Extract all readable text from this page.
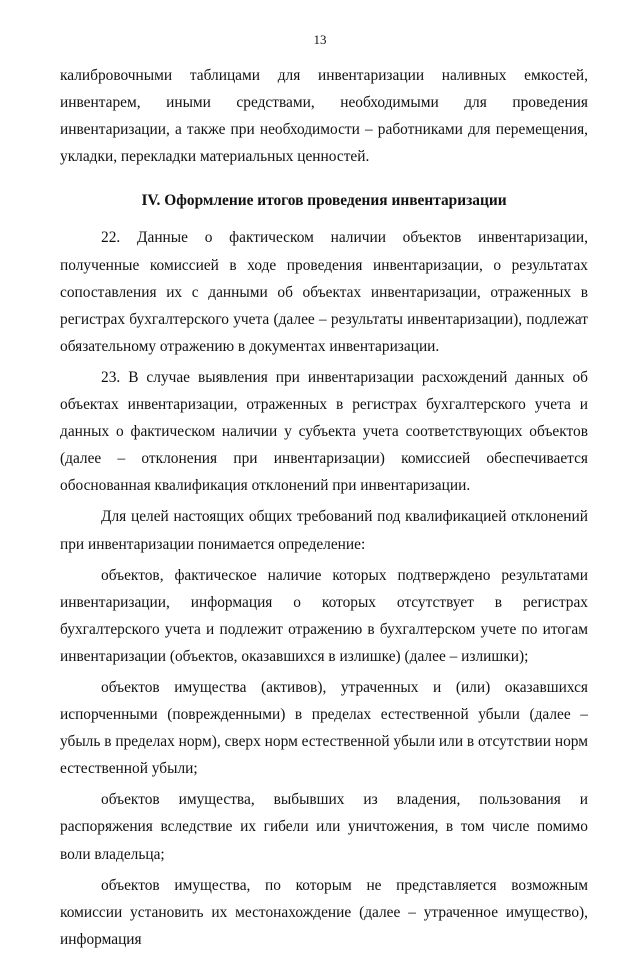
13

калибровочными таблицами для инвентаризации наливных емкостей, инвентарем, иными средствами, необходимыми для проведения инвентаризации, а также при необходимости – работниками для перемещения, укладки, перекладки материальных ценностей.

IV. Оформление итогов проведения инвентаризации

22. Данные о фактическом наличии объектов инвентаризации, полученные комиссией в ходе проведения инвентаризации, о результатах сопоставления их с данными об объектах инвентаризации, отраженных в регистрах бухгалтерского учета (далее – результаты инвентаризации), подлежат обязательному отражению в документах инвентаризации.

23. В случае выявления при инвентаризации расхождений данных об объектах инвентаризации, отраженных в регистрах бухгалтерского учета и данных о фактическом наличии у субъекта учета соответствующих объектов (далее – отклонения при инвентаризации) комиссией обеспечивается обоснованная квалификация отклонений при инвентаризации.

Для целей настоящих общих требований под квалификацией отклонений при инвентаризации понимается определение:

объектов, фактическое наличие которых подтверждено результатами инвентаризации, информация о которых отсутствует в регистрах бухгалтерского учета и подлежит отражению в бухгалтерском учете по итогам инвентаризации (объектов, оказавшихся в излишке) (далее – излишки);

объектов имущества (активов), утраченных и (или) оказавшихся испорченными (поврежденными) в пределах естественной убыли (далее – убыль в пределах норм), сверх норм естественной убыли или в отсутствии норм естественной убыли;

объектов имущества, выбывших из владения, пользования и распоряжения вследствие их гибели или уничтожения, в том числе помимо воли владельца;

объектов имущества, по которым не представляется возможным комиссии установить их местонахождение (далее – утраченное имущество), информация
